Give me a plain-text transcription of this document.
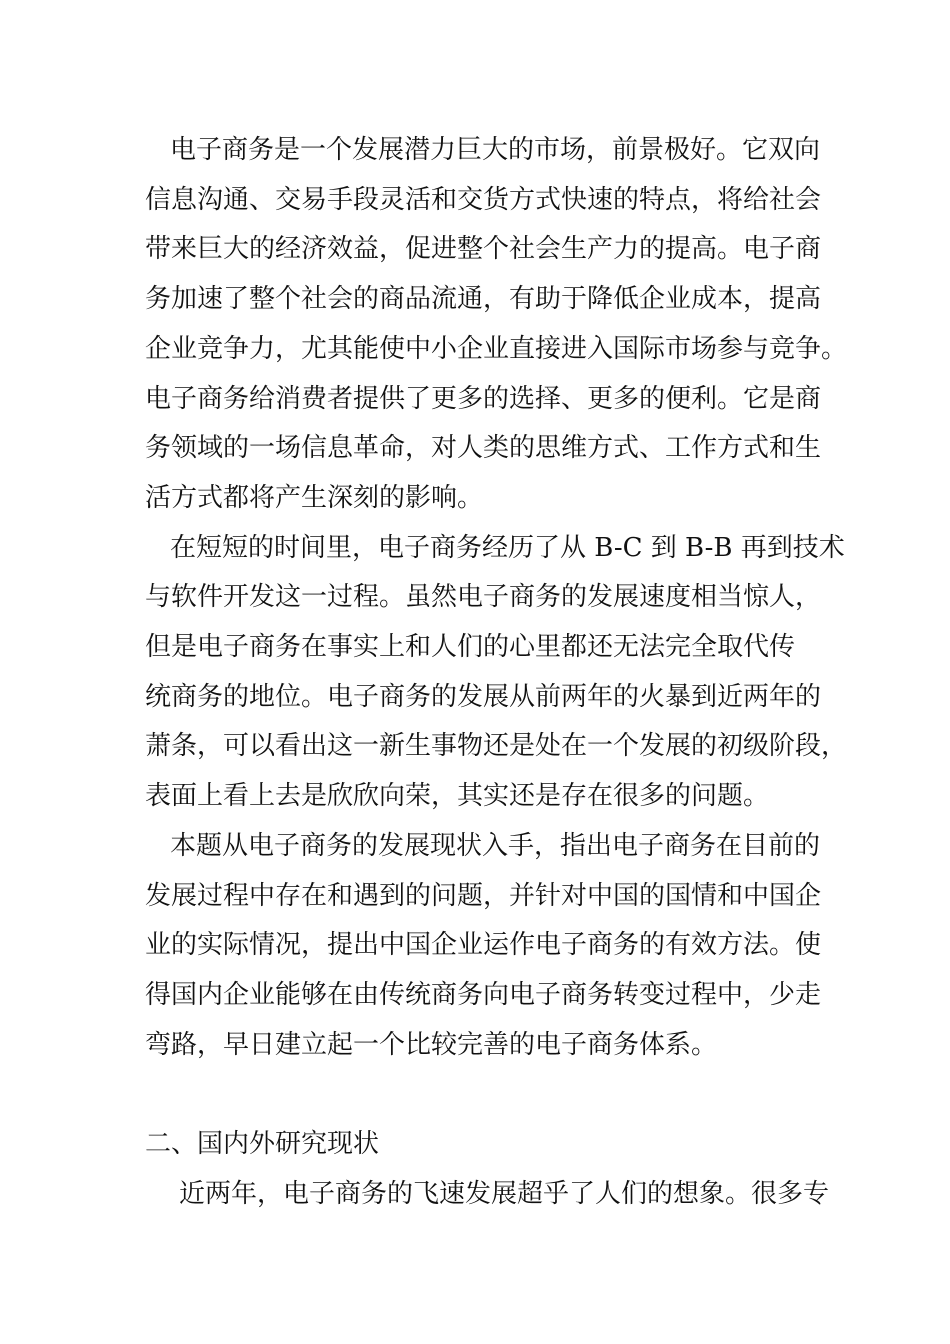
电子商务是一个发展潜力巨大的市场，前景极好。它双向

信息沟通、交易手段灵活和交货方式快速的特点，将给社会

带来巨大的经济效益，促进整个社会生产力的提高。电子商

务加速了整个社会的商品流通，有助于降低企业成本，提高

企业竞争力，尤其能使中小企业直接进入国际市场参与竞争。

电子商务给消费者提供了更多的选择、更多的便利。它是商

务领域的一场信息革命，对人类的思维方式、工作方式和生

活方式都将产生深刻的影响。

在短短的时间里，电子商务经历了从 B-C 到 B-B 再到技术

与软件开发这一过程。虽然电子商务的发展速度相当惊人，

但是电子商务在事实上和人们的心里都还无法完全取代传

统商务的地位。电子商务的发展从前两年的火暴到近两年的

萧条，可以看出这一新生事物还是处在一个发展的初级阶段，

表面上看上去是欣欣向荣，其实还是存在很多的问题。

本题从电子商务的发展现状入手，指出电子商务在目前的

发展过程中存在和遇到的问题，并针对中国的国情和中国企

业的实际情况，提出中国企业运作电子商务的有效方法。使

得国内企业能够在由传统商务向电子商务转变过程中，少走

弯路，早日建立起一个比较完善的电子商务体系。

二、国内外研究现状

近两年，电子商务的飞速发展超乎了人们的想象。很多专
